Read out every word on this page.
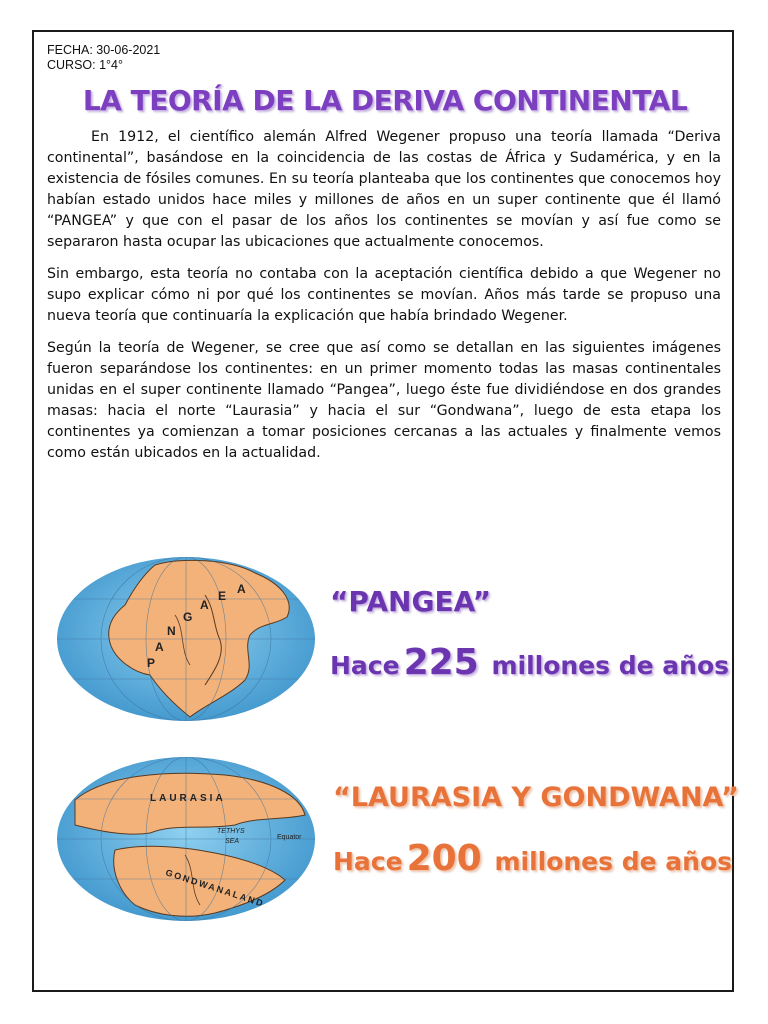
FECHA: 30-06-2021
CURSO: 1°4°
LA TEORÍA DE LA DERIVA CONTINENTAL

En 1912, el científico alemán Alfred Wegener propuso una teoría llamada “Deriva continental”, basándose en la coincidencia de las costas de África y Sudamérica, y en la existencia de fósiles comunes. En su teoría planteaba que los continentes que conocemos hoy habían estado unidos hace miles y millones de años en un super continente que él llamó “PANGEA” y que con el pasar de los años los continentes se movían y así fue como se separaron hasta ocupar las ubicaciones que actualmente conocemos.

Sin embargo, esta teoría no contaba con la aceptación científica debido a que Wegener no supo explicar cómo ni por qué los continentes se movían. Años más tarde se propuso una nueva teoría que continuaría la explicación que había brindado Wegener.

Según la teoría de Wegener, se cree que así como se detallan en las siguientes imágenes fueron separándose los continentes: en un primer momento todas las masas continentales unidas en el super continente llamado “Pangea”, luego éste fue dividiéndose en dos grandes masas: hacia el norte “Laurasia” y hacia el sur “Gondwana”, luego de esta etapa los continentes ya comienzan a tomar posiciones cercanas a las actuales y finalmente vemos como están ubicados en la actualidad.

P
A
N
G
A
E A	“PANGEA”
Hace 225 millones de años
LAURASIA
TETHYS
SEA
Equator
GONDWANALAND
“LAURASIA Y GONDWANA”
Hace 200 millones de años
